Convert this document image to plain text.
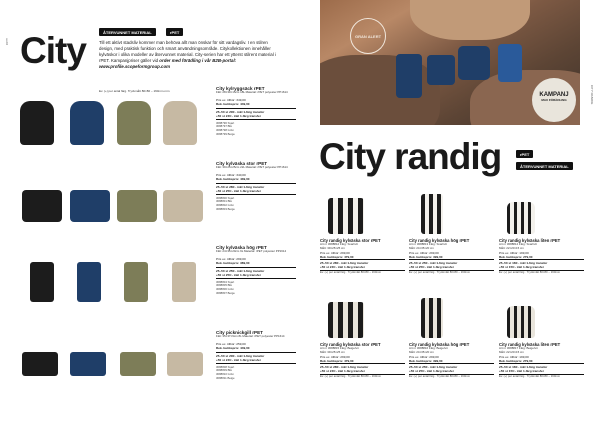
CITY City	ÅTERVUNNET MATERIAL	rPET
Till ett aktivt stadsliv kommer man behöva allt man önskar för sitt vardagsliv. I en stilren design, med praktisk funktion och smart användningsområde. Citykollektionen innehåller kylväskor i olika modeller av återvunnet material. City-serien har ett ytterst stilrent material i rPET. Kampanjpriser gäller vid order med förädling i vår B2B-portal: www.profile.scopeformgroup.com
Ev. (+) per antal färg. Tryckmått 80×80 – 160mm·mm	City kylryggsäck rPET
Fält: 28×30×15cm 18L Material: rPET polyester PP1614
Pris ex. tillbör: 349,00
Rek. butikspris: 449,00
25–50 st 200:- inkl 1-färg transfer
+50 st 240:- inkl 1-färg transfer
3088796 Svart
3088797 Blå
3088798 Grön
3088799 Beige
City kylväska stor rPET
Fält: 39×25×25cm 22L Material: rPET polyester PP1614
Pris ex. tillbör: 340,00
Rek. butikspris: 439,00
25–50 st 280:- inkl 1-färg transfer
+50 st 250:- inkl 1-färg transfer
3088800 Svart
3088801 Blå
3088802 Grön
3088803 Beige
City kylväska hög rPET
Fält: 24×35×20cm 9L Material: rPET polyester PP1614
Pris ex. tillbör: 299,00
Rek. butikspris: 389,00
25–50 st 250:- inkl 1-färg transfer
+50 st 250:- inkl 1-färg transfer
3088804 Svart
3088805 Blå
3088806 Grön
3088807 Beige
City picknickgill rPET
Fält: 35×37×9cm 8L Material: rPET polyester PP1614
Pris ex. tillbör: 259,00
Rek. butikspris: 449,00
25–50 st 200:- inkl 1-färg transfer
+50 st 240:- inkl 1-färg transfer
3088808 Svart
3088809 Blå
3088810 Grön
3088811 Beige
GRAN ALERT
KAMPANJ
MAX FÖRÄDLING	CITY RANDIG
City randig	rPET
ÅTERVUNNET MATERIAL
City randig kylväska stor rPET
Art nr 3088812 Färg: Svart/vit
Mått: 39×25×25 cm
Pris ex. tillbör: 299,00
Rek. butikspris: 479,00
25–50 st 280:- inkl 1-färg transfer
+50 st 240:- inkl 1-färg transfer
Ev. (+) per antal färg · Tryckmått 80×80 – 160mm
City randig kylväska hög rPET
Art nr 3088813 Färg: Svart/vit
Mått: 24×35×20 cm
Pris ex. tillbör: 299,00
Rek. butikspris: 399,00
25–50 st 250:- inkl 1-färg transfer
+50 st 250:- inkl 1-färg transfer
Ev. (+) per antal färg · Tryckmått 80×80 – 160mm
City randig kylväska liten rPET
Art nr 3088814 Färg: Svart/vit
Mått: 22×20×15 cm
Pris ex. tillbör: 199,00
Rek. butikspris: 279,00
25–50 st 160:- inkl 1-färg transfer
+50 st 150:- inkl 1-färg transfer
Ev. (+) per antal färg · Tryckmått 80×80 – 160mm
City randig kylväska stor rPET
Art nr 3088815 Färg: Beige/vit
Mått: 39×25×25 cm
Pris ex. tillbör: 299,00
Rek. butikspris: 479,00
25–50 st 280:- inkl 1-färg transfer
+50 st 240:- inkl 1-färg transfer
Ev. (+) per antal färg · Tryckmått 80×80 – 160mm
City randig kylväska hög rPET
Art nr 3088816 Färg: Beige/vit
Mått: 24×35×20 cm
Pris ex. tillbör: 299,00
Rek. butikspris: 399,00
25–50 st 250:- inkl 1-färg transfer
+50 st 250:- inkl 1-färg transfer
Ev. (+) per antal färg · Tryckmått 80×80 – 160mm
City randig kylväska liten rPET
Art nr 3088817 Färg: Beige/vit
Mått: 22×20×15 cm
Pris ex. tillbör: 199,00
Rek. butikspris: 279,00
25–50 st 160:- inkl 1-färg transfer
+50 st 150:- inkl 1-färg transfer
Ev. (+) per antal färg · Tryckmått 80×80 – 160mm
